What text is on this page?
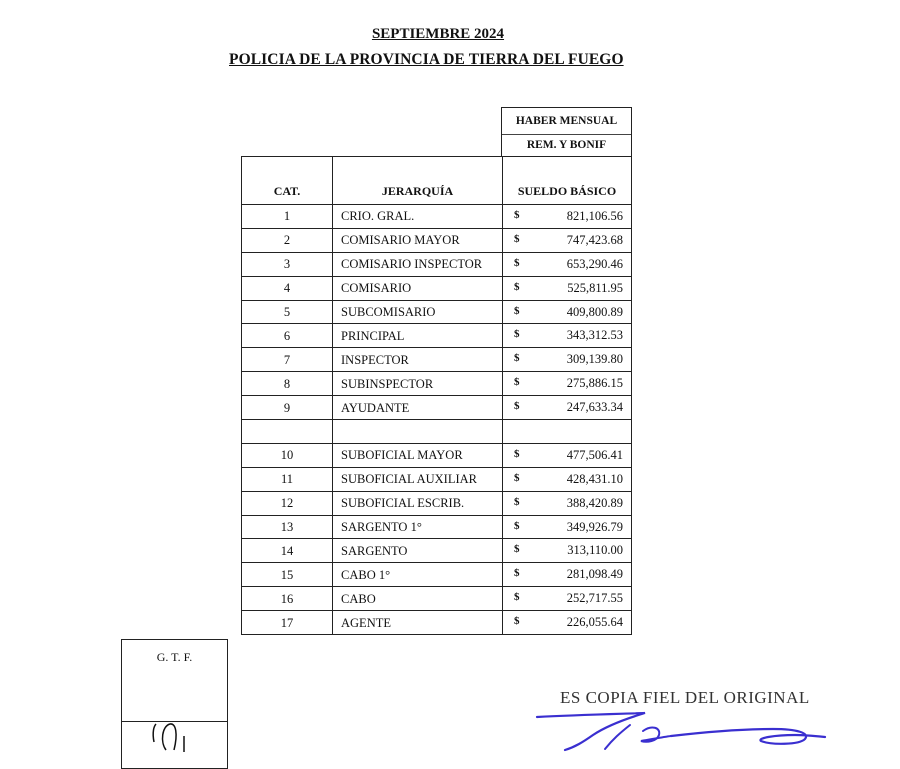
SEPTIEMBRE 2024
POLICIA DE LA PROVINCIA DE TIERRA DEL FUEGO
HABER MENSUAL
REM. Y BONIF
CAT.	JERARQUÍA	SUELDO BÁSICO
1	CRIO. GRAL.	$ 821,106.56

2	COMISARIO MAYOR	$ 747,423.68

3	COMISARIO INSPECTOR	$ 653,290.46

4	COMISARIO	$ 525,811.95

5	SUBCOMISARIO	$ 409,800.89

6	PRINCIPAL	$ 343,312.53

7	INSPECTOR	$ 309,139.80

8	SUBINSPECTOR	$ 275,886.15

9	AYUDANTE	$ 247,633.34

10	SUBOFICIAL MAYOR	$ 477,506.41

11	SUBOFICIAL AUXILIAR	$ 428,431.10

12	SUBOFICIAL ESCRIB.	$ 388,420.89

13	SARGENTO 1°	$ 349,926.79

14	SARGENTO	$ 313,110.00

15	CABO 1°	$ 281,098.49

16	CABO	$ 252,717.55

17	AGENTE	$ 226,055.64
G. T. F.
ES COPIA FIEL DEL ORIGINAL
